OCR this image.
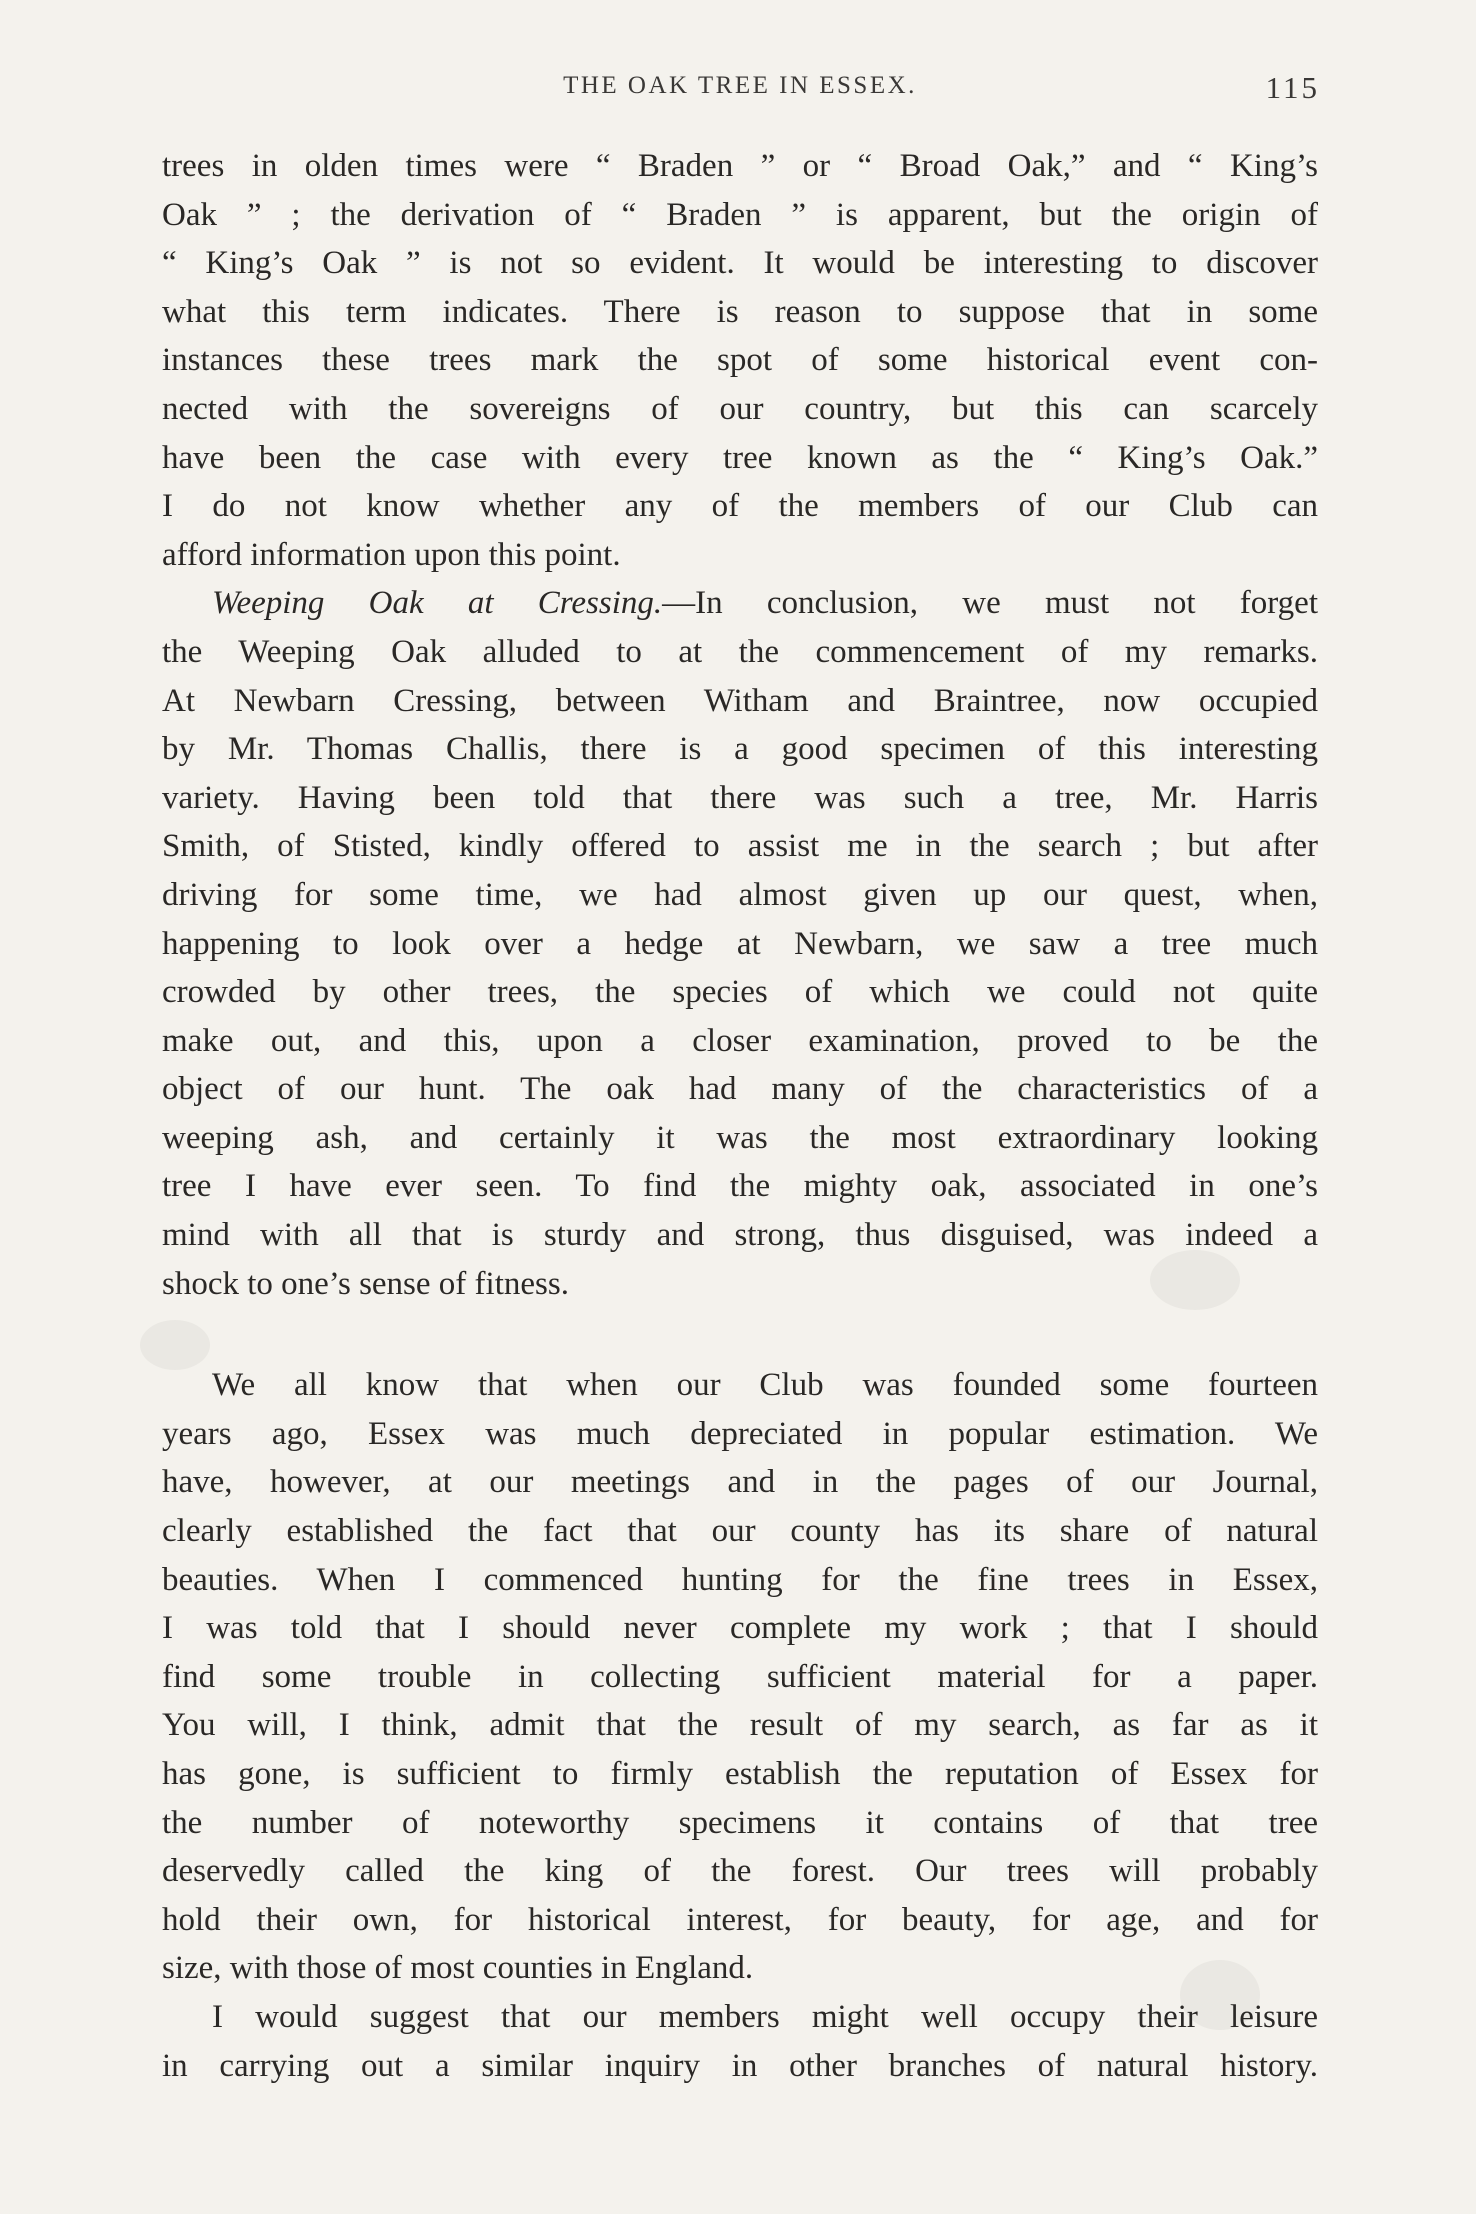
THE OAK TREE IN ESSEX.	115

trees in olden times were “ Braden ” or “ Broad Oak,” and “ King’s
Oak ” ; the derivation of “ Braden ” is apparent, but the origin of
“ King’s Oak ” is not so evident. It would be interesting to discover
what this term indicates. There is reason to suppose that in some
instances these trees mark the spot of some historical event con-
nected with the sovereigns of our country, but this can scarcely
have been the case with every tree known as the “ King’s Oak.”
I do not know whether any of the members of our Club can
afford information upon this point.

Weeping Oak at Cressing.—In conclusion, we must not forget
the Weeping Oak alluded to at the commencement of my remarks.
At Newbarn Cressing, between Witham and Braintree, now occupied
by Mr. Thomas Challis, there is a good specimen of this interesting
variety. Having been told that there was such a tree, Mr. Harris
Smith, of Stisted, kindly offered to assist me in the search ; but after
driving for some time, we had almost given up our quest, when,
happening to look over a hedge at Newbarn, we saw a tree much
crowded by other trees, the species of which we could not quite
make out, and this, upon a closer examination, proved to be the
object of our hunt. The oak had many of the characteristics of a
weeping ash, and certainly it was the most extraordinary looking
tree I have ever seen. To find the mighty oak, associated in one’s
mind with all that is sturdy and strong, thus disguised, was indeed a
shock to one’s sense of fitness.

We all know that when our Club was founded some fourteen
years ago, Essex was much depreciated in popular estimation. We
have, however, at our meetings and in the pages of our Journal,
clearly established the fact that our county has its share of natural
beauties. When I commenced hunting for the fine trees in Essex,
I was told that I should never complete my work ; that I should
find some trouble in collecting sufficient material for a paper.
You will, I think, admit that the result of my search, as far as it
has gone, is sufficient to firmly establish the reputation of Essex for
the number of noteworthy specimens it contains of that tree
deservedly called the king of the forest. Our trees will probably
hold their own, for historical interest, for beauty, for age, and for
size, with those of most counties in England.

I would suggest that our members might well occupy their leisure
in carrying out a similar inquiry in other branches of natural history.
